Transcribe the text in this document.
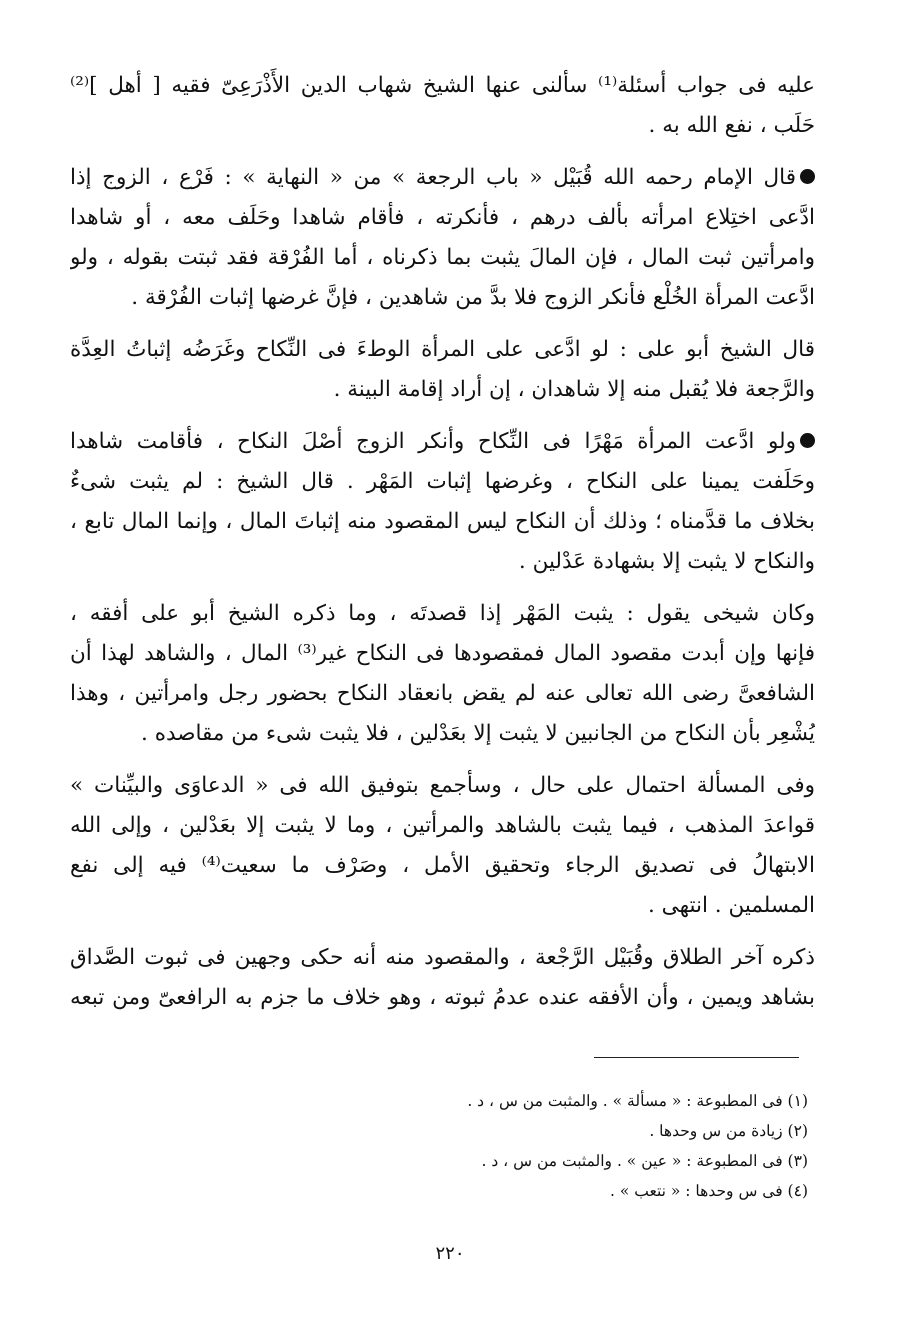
عليه فى جواب أسئلة⁽¹⁾ سألنى عنها الشيخ شهاب الدين الأَذْرَعِىّ فقيه [ أهل ]⁽²⁾
حَلَب ، نفع الله به .
قال الإمام رحمه الله قُبَيْل « باب الرجعة » من « النهاية » : فَرْع ، الزوج إذا
ادَّعى اختِلاع امرأته بألف درهم ، فأنكرته ، فأقام شاهدا وحَلَف معه ، أو شاهدا
وامرأتين ثبت المال ، فإن المالَ يثبت بما ذكرناه ، أما الفُرْقة فقد ثبتت بقوله ، ولو
ادَّعت المرأة الخُلْع فأنكر الزوج فلا بدَّ من شاهدين ، فإنَّ غرضها إثبات الفُرْقة .
قال الشيخ أبو على : لو ادَّعى على المرأة الوطءَ فى النِّكاح وغَرَضُه إثباتُ العِدَّة
والرَّجعة فلا يُقبل منه إلا شاهدان ، إن أراد إقامة البينة .
ولو ادَّعت المرأة مَهْرًا فى النِّكاح وأنكر الزوج أصْلَ النكاح ، فأقامت شاهدا
وحَلَفت يمينا على النكاح ، وغرضها إثبات المَهْر . قال الشيخ : لم يثبت شىءٌ
بخلاف ما قدَّمناه ؛ وذلك أن النكاح ليس المقصود منه إثباتَ المال ، وإنما المال تابع ،
والنكاح لا يثبت إلا بشهادة عَدْلين .
وكان شيخى يقول : يثبت المَهْر إذا قصدتَه ، وما ذكره الشيخ أبو على أفقه ،
فإنها وإن أبدت مقصود المال فمقصودها فى النكاح غير⁽³⁾ المال ، والشاهد لهذا أن
الشافعىَّ رضى الله تعالى عنه لم يقض بانعقاد النكاح بحضور رجل وامرأتين ، وهذا
يُشْعِر بأن النكاح من الجانبين لا يثبت إلا بعَدْلين ، فلا يثبت شىء من مقاصده .
وفى المسألة احتمال على حال ، وسأجمع بتوفيق الله فى « الدعاوَى والبيِّنات »
قواعدَ المذهب ، فيما يثبت بالشاهد والمرأتين ، وما لا يثبت إلا بعَدْلين ، وإلى الله
الابتهالُ فى تصديق الرجاء وتحقيق الأمل ، وصَرْف ما سعيت⁽⁴⁾ فيه إلى نفع
المسلمين . انتهى .
ذكره آخر الطلاق وقُبَيْل الرَّجْعة ، والمقصود منه أنه حكى وجهين فى ثبوت الصَّداق
بشاهد ويمين ، وأن الأفقه عنده عدمُ ثبوته ، وهو خلاف ما جزم به الرافعىّ ومن تبعه
(١) فى المطبوعة : « مسألة » . والمثبت من س ، د .
(٢) زيادة من س وحدها .
(٣) فى المطبوعة : « عين » . والمثبت من س ، د .
(٤) فى س وحدها : « نتعب » .
٢٢٠
